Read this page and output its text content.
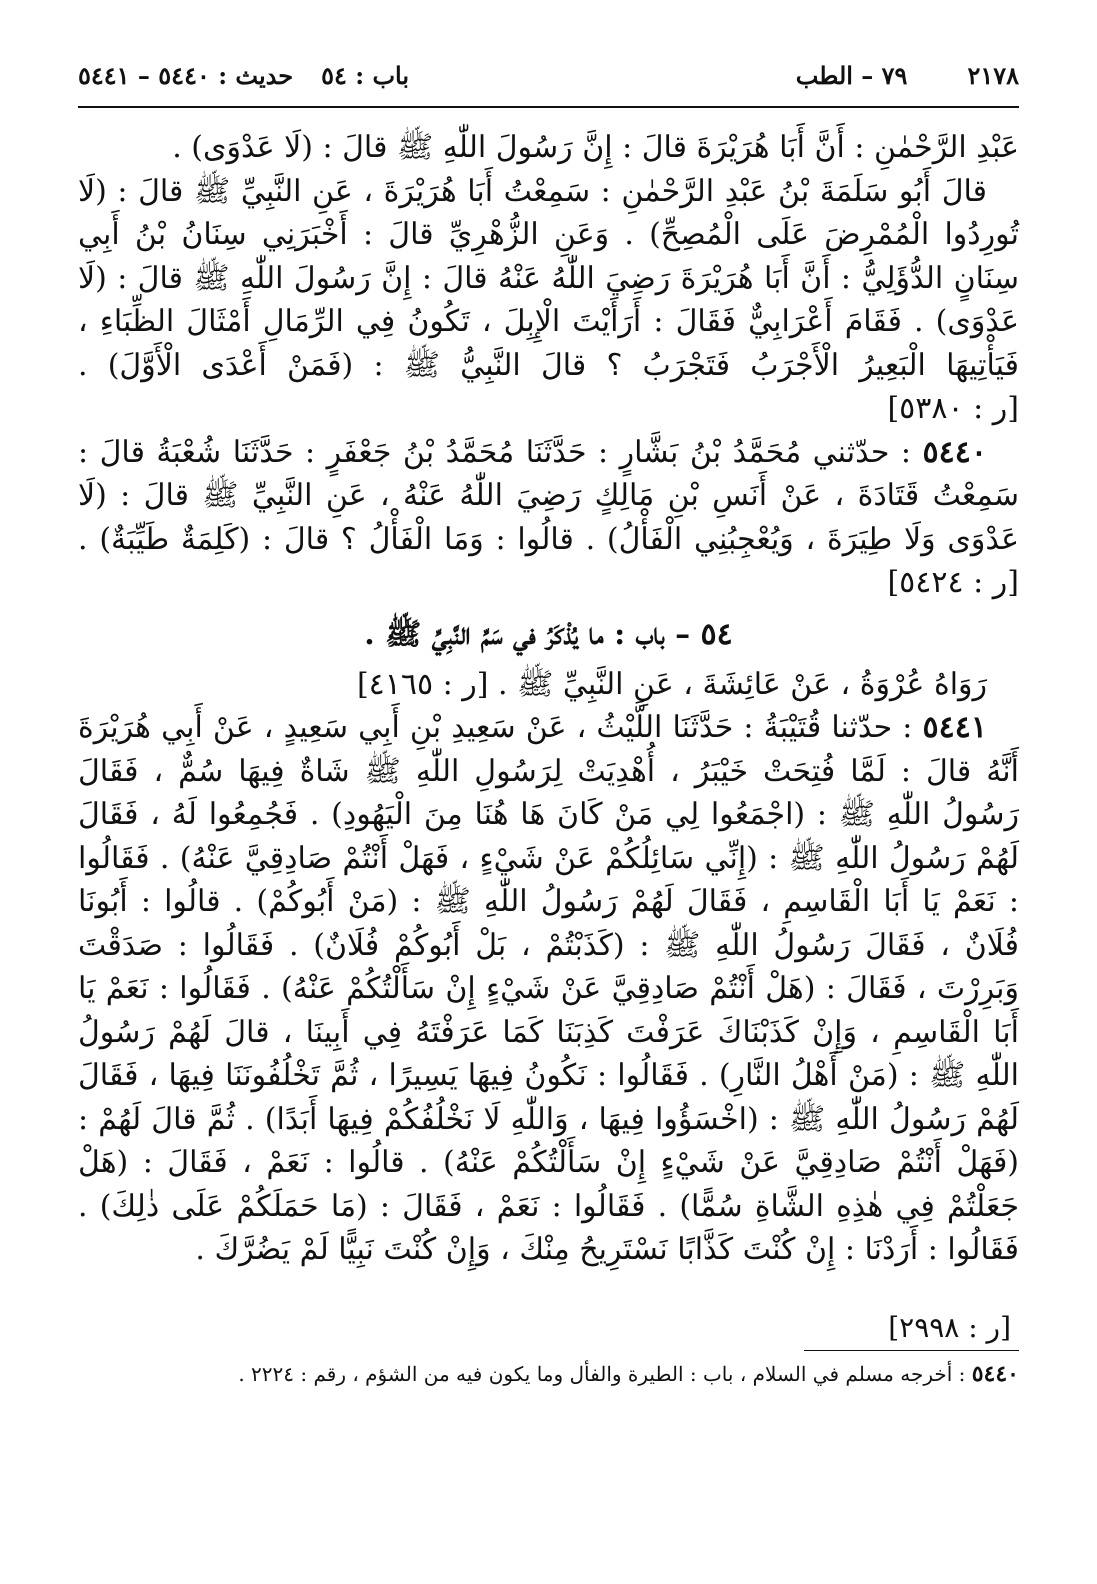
٢١٧٨
٧٩ – الطب
باب : ٥٤
حديث : ٥٤٤٠ – ٥٤٤١

عَبْدِ الرَّحْمٰنِ : أَنَّ أَبَا هُرَيْرَةَ قالَ : إِنَّ رَسُولَ اللّٰهِ ﷺ قالَ : (لَا عَدْوَى) .

قالَ أَبُو سَلَمَةَ بْنُ عَبْدِ الرَّحْمٰنِ : سَمِعْتُ أَبَا هُرَيْرَةَ ، عَنِ النَّبِيِّ ﷺ قالَ : (لَا تُورِدُوا الْمُمْرِضَ عَلَى الْمُصِحِّ) . وَعَنِ الزُّهْرِيِّ قالَ : أَخْبَرَنِي سِنَانُ بْنُ أَبِي سِنَانٍ الدُّؤَلِيُّ : أَنَّ أَبَا هُرَيْرَةَ رَضِيَ اللّٰهُ عَنْهُ قالَ : إِنَّ رَسُولَ اللّٰهِ ﷺ قالَ : (لَا عَدْوَى) . فَقَامَ أَعْرَابِيٌّ فَقَالَ : أَرَأَيْتَ الْإِبِلَ ، تَكُونُ فِي الرِّمَالِ أَمْثَالَ الظِّبَاءِ ، فَيَأْتِيهَا الْبَعِيرُ الْأَجْرَبُ فَتَجْرَبُ ؟ قالَ النَّبِيُّ ﷺ : (فَمَنْ أَعْدَى الْأَوَّلَ) . [ر : ٥٣٨٠]

٥٤٤٠ : حدّثني مُحَمَّدُ بْنُ بَشَّارٍ : حَدَّثَنَا مُحَمَّدُ بْنُ جَعْفَرٍ : حَدَّثَنَا شُعْبَةُ قالَ : سَمِعْتُ قَتَادَةَ ، عَنْ أَنَسِ بْنِ مَالِكٍ رَضِيَ اللّٰهُ عَنْهُ ، عَنِ النَّبِيِّ ﷺ قالَ : (لَا عَدْوَى وَلَا طِيَرَةَ ، وَيُعْجِبُنِي الْفَأْلُ) . قالُوا : وَمَا الْفَأْلُ ؟ قالَ : (كَلِمَةٌ طَيِّبَةٌ) . [ر : ٥٤٢٤]

٥٤ – باب : ما يُذْكَرُ في سَمِّ النَّبِيِّ ﷺ .

رَوَاهُ عُرْوَةُ ، عَنْ عَائِشَةَ ، عَنِ النَّبِيِّ ﷺ . [ر : ٤١٦٥]

٥٤٤١ : حدّثنا قُتَيْبَةُ : حَدَّثَنَا اللَّيْثُ ، عَنْ سَعِيدِ بْنِ أَبِي سَعِيدٍ ، عَنْ أَبِي هُرَيْرَةَ أَنَّهُ قالَ : لَمَّا فُتِحَتْ خَيْبَرُ ، أُهْدِيَتْ لِرَسُولِ اللّٰهِ ﷺ شَاةٌ فِيهَا سُمٌّ ، فَقَالَ رَسُولُ اللّٰهِ ﷺ : (اجْمَعُوا لِي مَنْ كَانَ هَا هُنَا مِنَ الْيَهُودِ) . فَجُمِعُوا لَهُ ، فَقَالَ لَهُمْ رَسُولُ اللّٰهِ ﷺ : (إِنِّي سَائِلُكُمْ عَنْ شَيْءٍ ، فَهَلْ أَنْتُمْ صَادِقِيَّ عَنْهُ) . فَقَالُوا : نَعَمْ يَا أَبَا الْقَاسِمِ ، فَقَالَ لَهُمْ رَسُولُ اللّٰهِ ﷺ : (مَنْ أَبُوكُمْ) . قالُوا : أَبُونَا فُلَانٌ ، فَقَالَ رَسُولُ اللّٰهِ ﷺ : (كَذَبْتُمْ ، بَلْ أَبُوكُمْ فُلَانٌ) . فَقَالُوا : صَدَقْتَ وَبَرِرْتَ ، فَقَالَ : (هَلْ أَنْتُمْ صَادِقِيَّ عَنْ شَيْءٍ إِنْ سَأَلْتُكُمْ عَنْهُ) . فَقَالُوا : نَعَمْ يَا أَبَا الْقَاسِمِ ، وَإِنْ كَذَبْنَاكَ عَرَفْتَ كَذِبَنَا كَمَا عَرَفْتَهُ فِي أَبِينَا ، قالَ لَهُمْ رَسُولُ اللّٰهِ ﷺ : (مَنْ أَهْلُ النَّارِ) . فَقَالُوا : نَكُونُ فِيهَا يَسِيرًا ، ثُمَّ تَخْلُفُونَنَا فِيهَا ، فَقَالَ لَهُمْ رَسُولُ اللّٰهِ ﷺ : (اخْسَؤُوا فِيهَا ، وَاللّٰهِ لَا نَخْلُفُكُمْ فِيهَا أَبَدًا) . ثُمَّ قالَ لَهُمْ : (فَهَلْ أَنْتُمْ صَادِقِيَّ عَنْ شَيْءٍ إِنْ سَأَلْتُكُمْ عَنْهُ) . قالُوا : نَعَمْ ، فَقَالَ : (هَلْ جَعَلْتُمْ فِي هٰذِهِ الشَّاةِ سُمًّا) . فَقَالُوا : نَعَمْ ، فَقَالَ : (مَا حَمَلَكُمْ عَلَى ذٰلِكَ) . فَقَالُوا : أَرَدْنَا : إِنْ كُنْتَ كَذَّابًا نَسْتَرِيحُ مِنْكَ ، وَإِنْ كُنْتَ نَبِيًّا لَمْ يَضُرَّكَ .

[ر : ٢٩٩٨]
٥٤٤٠ : أخرجه مسلم في السلام ، باب : الطيرة والفأل وما يكون فيه من الشؤم ، رقم : ٢٢٢٤ .
